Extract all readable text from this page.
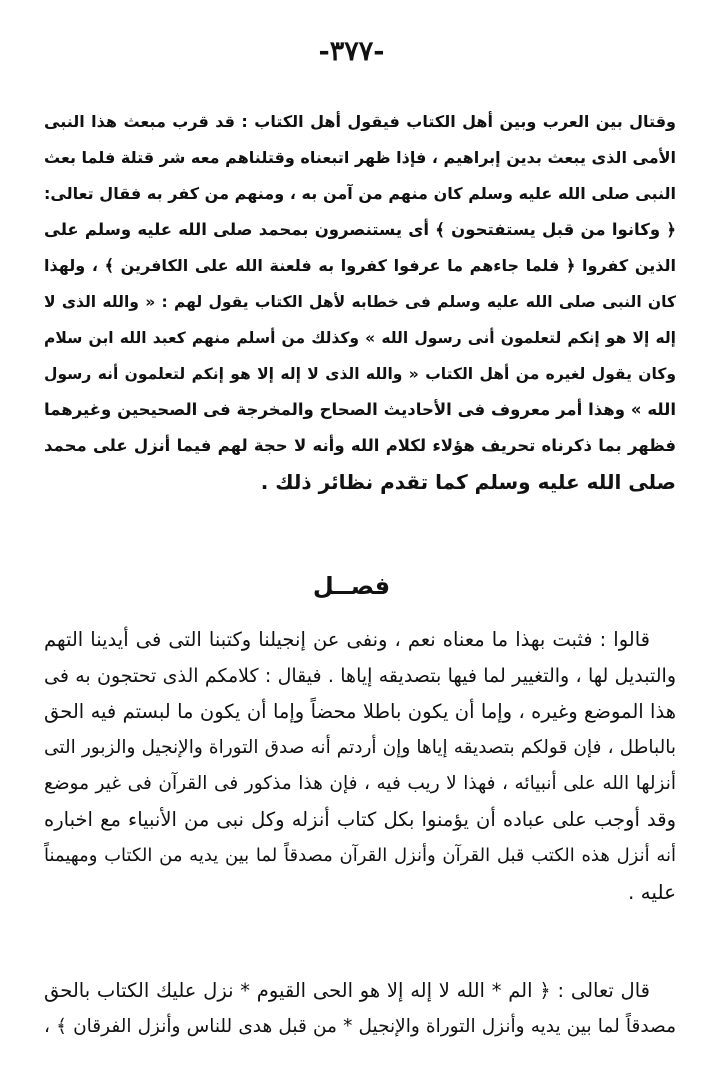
-٣٧٧-
وقتال بين العرب وبين أهل الكتاب فيقول أهل الكتاب : قد قرب مبعث هذا النبى
الأمى الذى يبعث بدين إبراهيم ، فإذا ظهر اتبعناه وقتلناهم معه شر قتلة فلما بعث
النبى صلى الله عليه وسلم كان منهم من آمن به ، ومنهم من كفر به فقال تعالى:
﴿ وكانوا من قبل يستفتحون ﴾ أى يستنصرون بمحمد صلى الله عليه وسلم على
الذين كفروا ﴿ فلما جاءهم ما عرفوا كفروا به فلعنة الله على الكافرين ﴾ ، ولهذا
كان النبى صلى الله عليه وسلم فى خطابه لأهل الكتاب يقول لهم : « والله الذى لا
إله إلا هو إنكم لتعلمون أنى رسول الله » وكذلك من أسلم منهم كعبد الله ابن سلام
وكان يقول لغيره من أهل الكتاب « والله الذى لا إله إلا هو إنكم لتعلمون أنه رسول
الله » وهذا أمر معروف فى الأحاديث الصحاح والمخرجة فى الصحيحين وغيرهما
فظهر بما ذكرناه تحريف هؤلاء لكلام الله وأنه لا حجة لهم فيما أنزل على محمد
صلى الله عليه وسلم كما تقدم نظائر ذلك .
فصــل
قالوا : فثبت بهذا ما معناه نعم ، ونفى عن إنجيلنا وكتبنا التى فى أيدينا التهم
والتبديل لها ، والتغيير لما فيها بتصديقه إياها . فيقال : كلامكم الذى تحتجون به فى
هذا الموضع وغيره ، وإما أن يكون باطلا محضاً وإما أن يكون ما لبستم فيه الحق
بالباطل ، فإن قولكم بتصديقه إياها وإن أردتم أنه صدق التوراة والإنجيل والزبور التى
أنزلها الله على أنبيائه ، فهذا لا ريب فيه ، فإن هذا مذكور فى القرآن فى غير موضع
وقد أوجب على عباده أن يؤمنوا بكل كتاب أنزله وكل نبى من الأنبياء مع اخباره
أنه أنزل هذه الكتب قبل القرآن وأنزل القرآن مصدقاً لما بين يديه من الكتاب ومهيمناً
عليه .
قال تعالى : ﴿ الم * الله لا إله إلا هو الحى القيوم * نزل عليك الكتاب بالحق
مصدقاً لما بين يديه وأنزل التوراة والإنجيل * من قبل هدى للناس وأنزل الفرقان ﴾ ،
